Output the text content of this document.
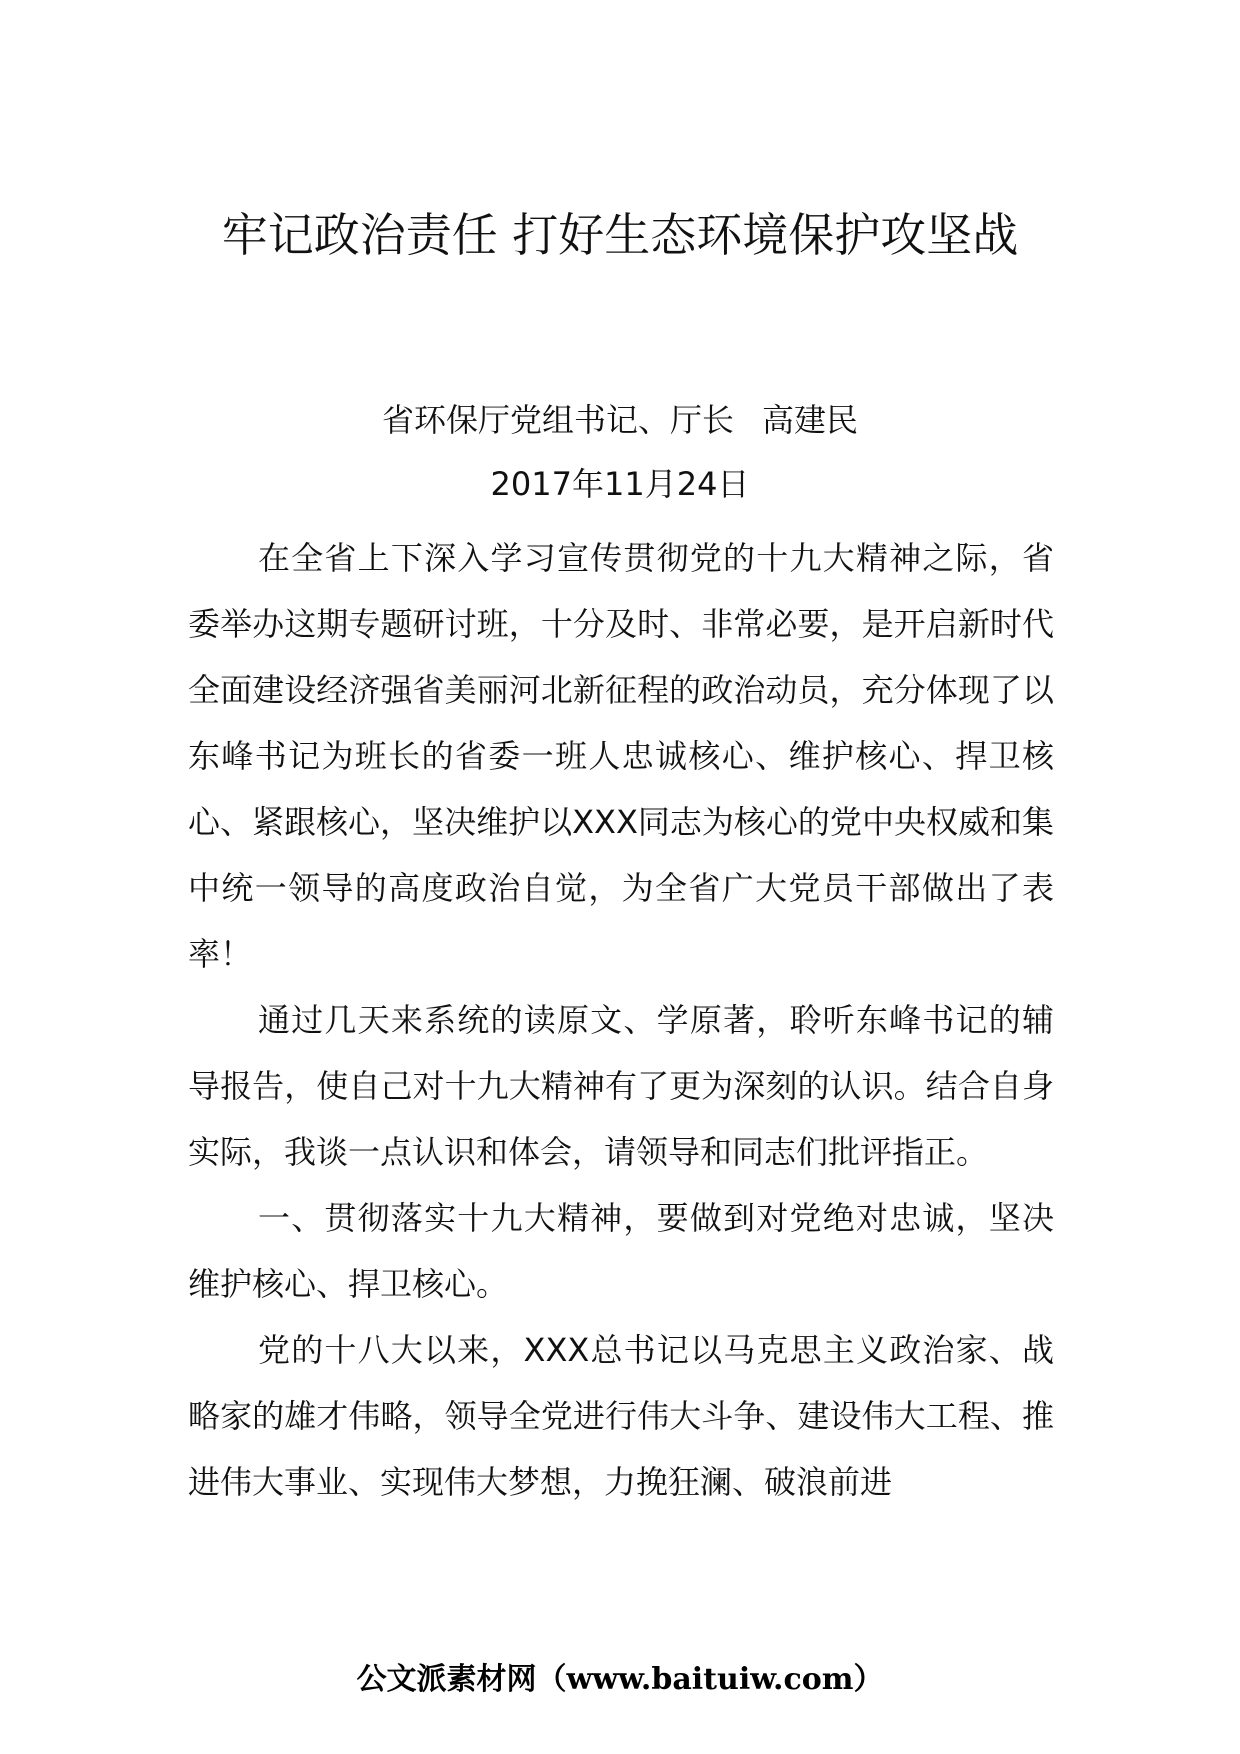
牢记政治责任 打好生态环境保护攻坚战
省环保厅党组书记、厅长 高建民
2017年11月24日

在全省上下深入学习宣传贯彻党的十九大精神之际，省委举办这期专题研讨班，十分及时、非常必要，是开启新时代全面建设经济强省美丽河北新征程的政治动员，充分体现了以东峰书记为班长的省委一班人忠诚核心、维护核心、捍卫核心、紧跟核心，坚决维护以XXX同志为核心的党中央权威和集中统一领导的高度政治自觉，为全省广大党员干部做出了表率！

通过几天来系统的读原文、学原著，聆听东峰书记的辅导报告，使自己对十九大精神有了更为深刻的认识。结合自身实际，我谈一点认识和体会，请领导和同志们批评指正。

一、贯彻落实十九大精神，要做到对党绝对忠诚，坚决维护核心、捍卫核心。

党的十八大以来，XXX总书记以马克思主义政治家、战略家的雄才伟略，领导全党进行伟大斗争、建设伟大工程、推进伟大事业、实现伟大梦想，力挽狂澜、破浪前进

公文派素材网（www.baituiw.com）
